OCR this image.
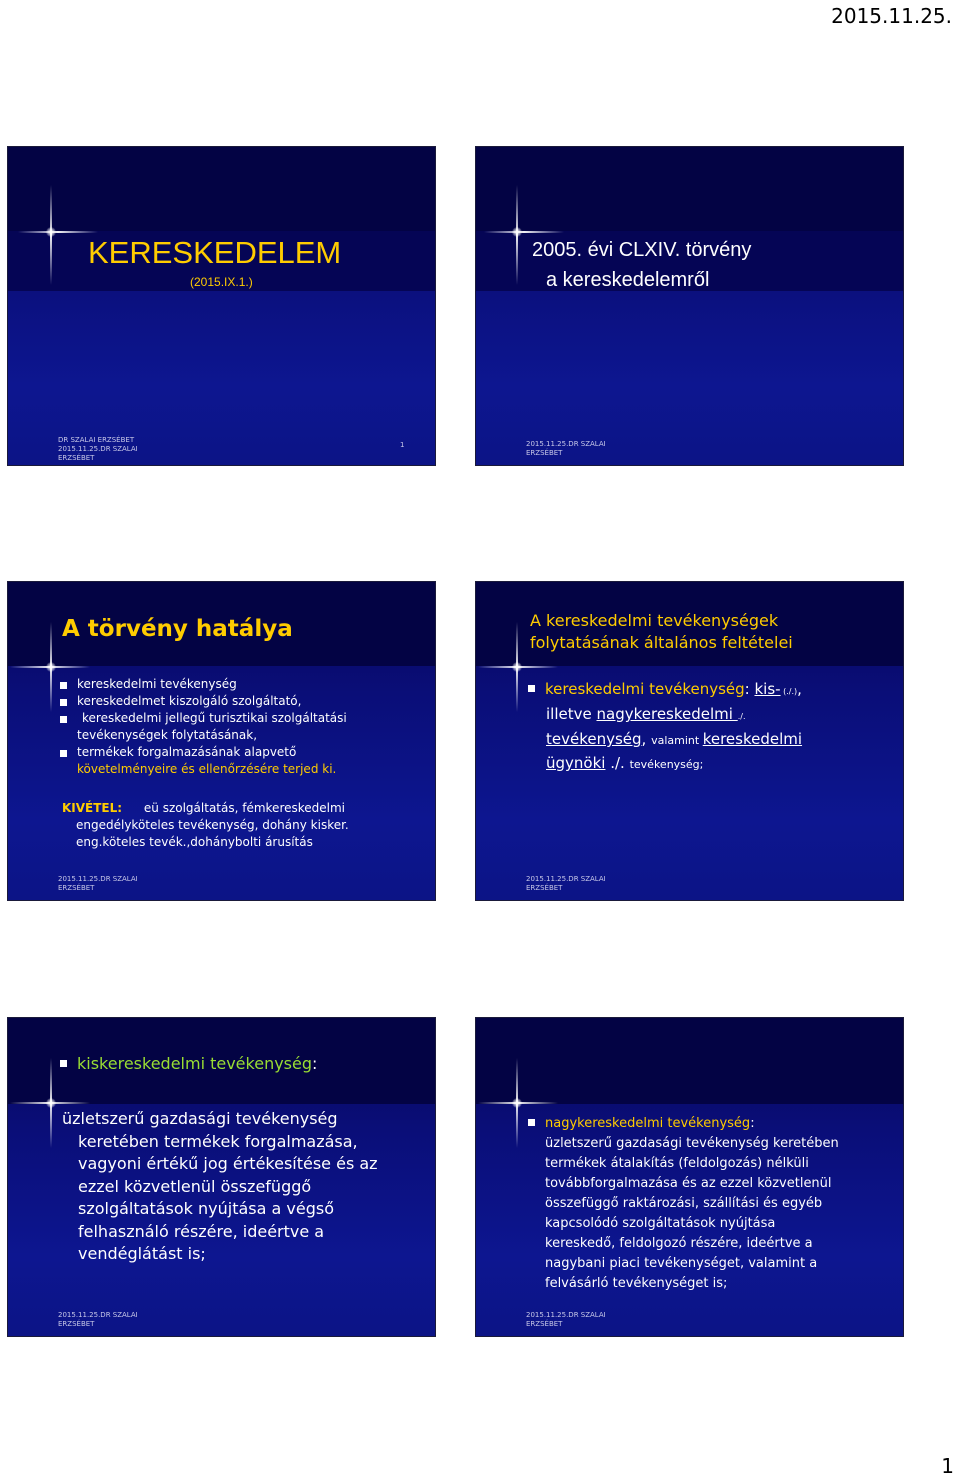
2015.11.25.
KERESKEDELEM
(2015.IX.1.)
DR SZALAI ERZSÉBET
2015.11.25.DR SZALAI
ERZSÉBET
1
2005. évi CLXIV. törvény
a kereskedelemről
2015.11.25.DR SZALAI
ERZSÉBET
A törvény hatálya
kereskedelmi tevékenység
kereskedelmet kiszolgáló szolgáltató,
kereskedelmi jellegű turisztikai szolgáltatási
tevékenységek folytatásának,
termékek forgalmazásának alapvető
követelményeire és ellenőrzésére terjed ki.
KIVÉTEL: eü szolgáltatás, fémkereskedelmi
engedélyköteles tevékenység, dohány kisker.
eng.köteles tevék.,dohánybolti árusítás
2015.11.25.DR SZALAI
ERZSÉBET
A kereskedelmi tevékenységek
folytatásának általános feltételei
kereskedelmi tevékenység: kis- (./.),
illetve nagykereskedelmi ./.
tevékenység, valamint kereskedelmi
ügynöki ./. tevékenység;
2015.11.25.DR SZALAI
ERZSÉBET
kiskereskedelmi tevékenység:
üzletszerű gazdasági tevékenység
keretében termékek forgalmazása,
vagyoni értékű jog értékesítése és az
ezzel közvetlenül összefüggő
szolgáltatások nyújtása a végső
felhasználó részére, ideértve a
vendéglátást is;
2015.11.25.DR SZALAI
ERZSÉBET
nagykereskedelmi tevékenység:
üzletszerű gazdasági tevékenység keretében
termékek átalakítás (feldolgozás) nélküli
továbbforgalmazása és az ezzel közvetlenül
összefüggő raktározási, szállítási és egyéb
kapcsolódó szolgáltatások nyújtása
kereskedő, feldolgozó részére, ideértve a
nagybani piaci tevékenységet, valamint a
felvásárló tevékenységet is;
2015.11.25.DR SZALAI
ERZSÉBET
1
